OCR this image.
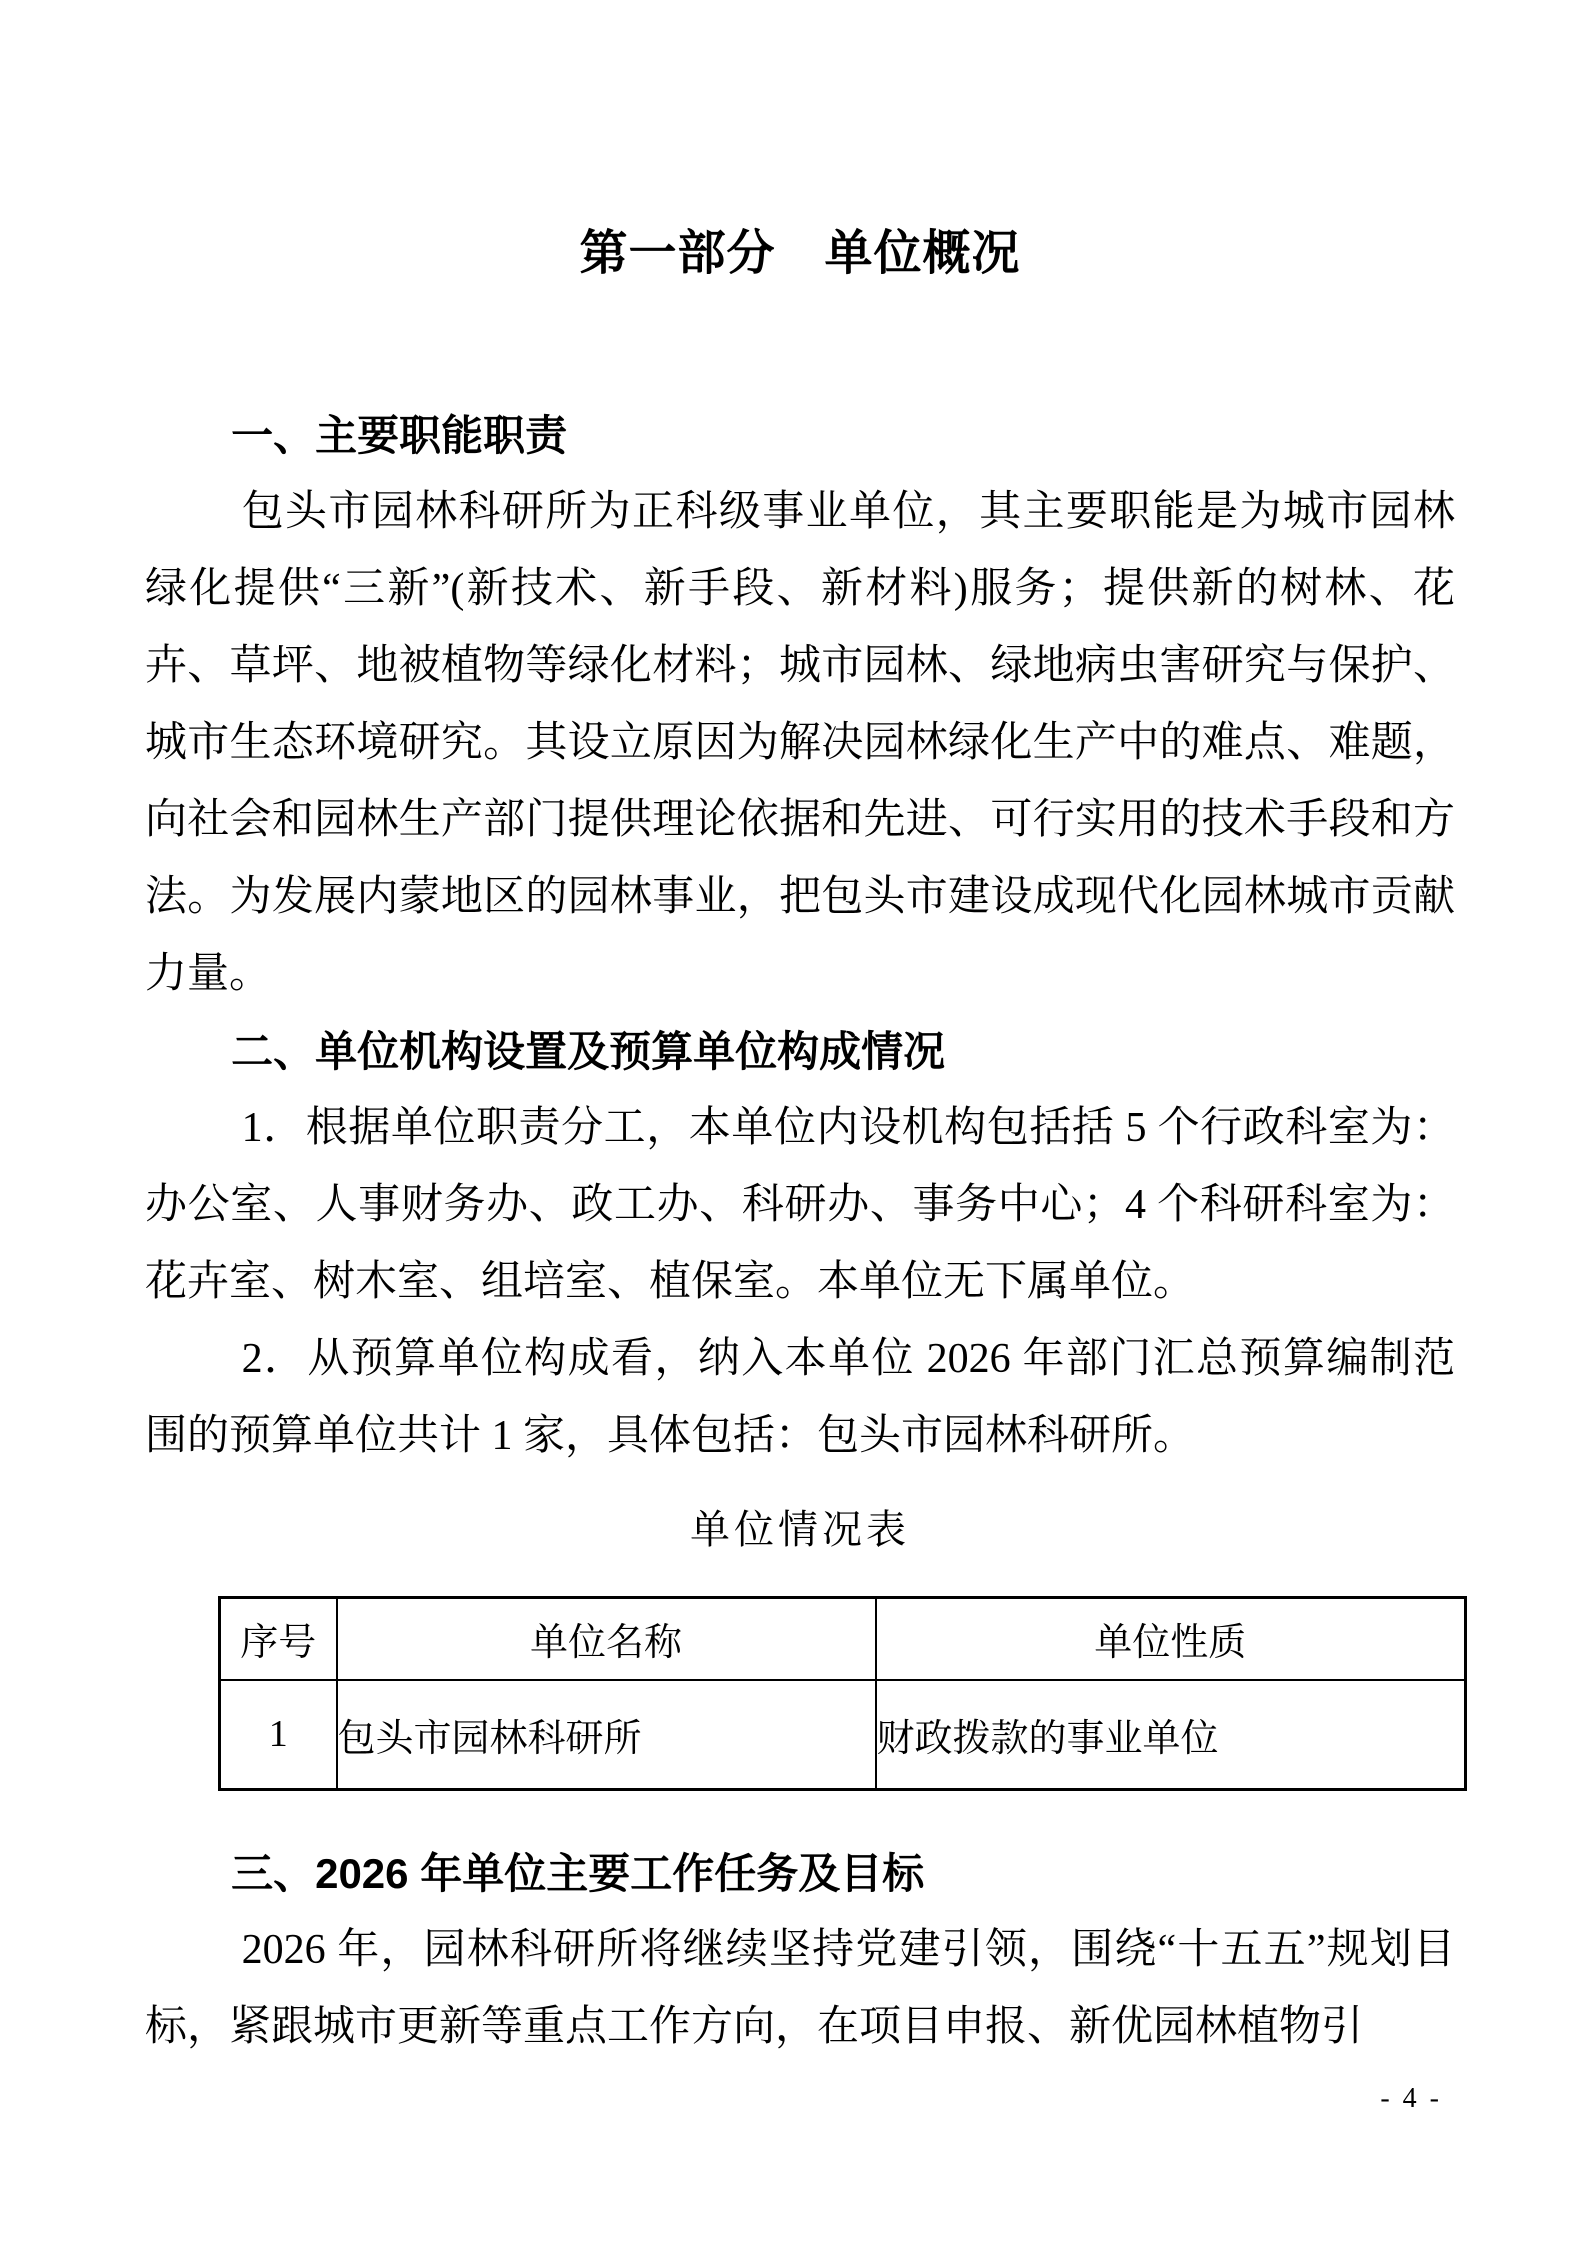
第一部分　单位概况
一、主要职能职责

包头市园林科研所为正科级事业单位，其主要职能是为城市园林绿化提供“三新”(新技术、新手段、新材料)服务；提供新的树林、花卉、草坪、地被植物等绿化材料；城市园林、绿地病虫害研究与保护、城市生态环境研究。其设立原因为解决园林绿化生产中的难点、难题，向社会和园林生产部门提供理论依据和先进、可行实用的技术手段和方法。为发展内蒙地区的园林事业，把包头市建设成现代化园林城市贡献力量。

二、单位机构设置及预算单位构成情况

1．根据单位职责分工，本单位内设机构包括括 5 个行政科室为：办公室、人事财务办、政工办、科研办、事务中心；4 个科研科室为：花卉室、树木室、组培室、植保室。本单位无下属单位。

2．从预算单位构成看，纳入本单位 2026 年部门汇总预算编制范围的预算单位共计 1 家，具体包括：包头市园林科研所。

单位情况表

序号	单位名称	单位性质
1	包头市园林科研所	财政拨款的事业单位
三、2026 年单位主要工作任务及目标

2026 年，园林科研所将继续坚持党建引领，围绕“十五五”规划目标，紧跟城市更新等重点工作方向，在项目申报、新优园林植物引

- 4 -
